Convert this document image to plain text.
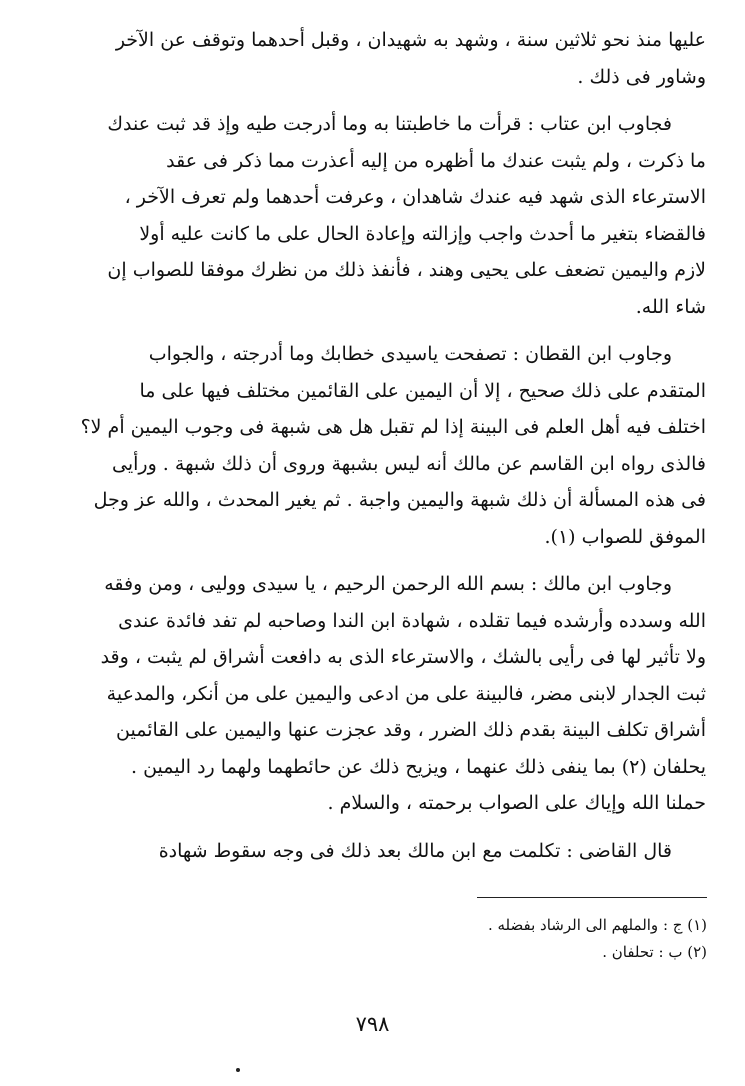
عليها منذ نحو ثلاثين سنة ، وشهد به شهيدان ، وقبل أحدهما وتوقف عن الآخر
وشاور فى ذلك .

فجاوب ابن عتاب : قرأت ما خاطبتنا به وما أدرجت طيه وإذ قد ثبت عندك
ما ذكرت ، ولم يثبت عندك ما أظهره من إليه أعذرت مما ذكر فى عقد
الاسترعاء الذى شهد فيه عندك شاهدان ، وعرفت أحدهما ولم تعرف الآخر ،
فالقضاء بتغير ما أحدث واجب وإزالته وإعادة الحال على ما كانت عليه أولا
لازم واليمين تضعف على يحيى وهند ، فأنفذ ذلك من نظرك موفقا للصواب إن
شاء الله.

وجاوب ابن القطان : تصفحت ياسيدى خطابك وما أدرجته ، والجواب
المتقدم على ذلك صحيح ، إلا أن اليمين على القائمين مختلف فيها على ما
اختلف فيه أهل العلم فى البينة إذا لم تقبل هل هى شبهة فى وجوب اليمين أم لا؟
فالذى رواه ابن القاسم عن مالك أنه ليس بشبهة وروى أن ذلك شبهة . ورأيى
فى هذه المسألة أن ذلك شبهة واليمين واجبة . ثم يغير المحدث ، والله عز وجل
الموفق للصواب (١).

وجاوب ابن مالك : بسم الله الرحمن الرحيم ، يا سيدى وولیی ، ومن وفقه
الله وسدده وأرشده فيما تقلده ، شهادة ابن الندا وصاحبه لم تفد فائدة عندى
ولا تأثير لها فى رأيى بالشك ، والاسترعاء الذى به دافعت أشراق لم يثبت ، وقد
ثبت الجدار لابنى مضر، فالبينة على من ادعى واليمين على من أنكر، والمدعية
أشراق تكلف البينة بقدم ذلك الضرر ، وقد عجزت عنها واليمين على القائمين
يحلفان (٢) بما ينفى ذلك عنهما ، ويزيح ذلك عن حائطهما ولهما رد اليمين .
حملنا الله وإياك على الصواب برحمته ، والسلام .

قال القاضى : تكلمت مع ابن مالك بعد ذلك فى وجه سقوط شهادة

(١) ج : والملهم الى الرشاد بفضله .
(٢) ب : تحلفان .
٧٩٨
